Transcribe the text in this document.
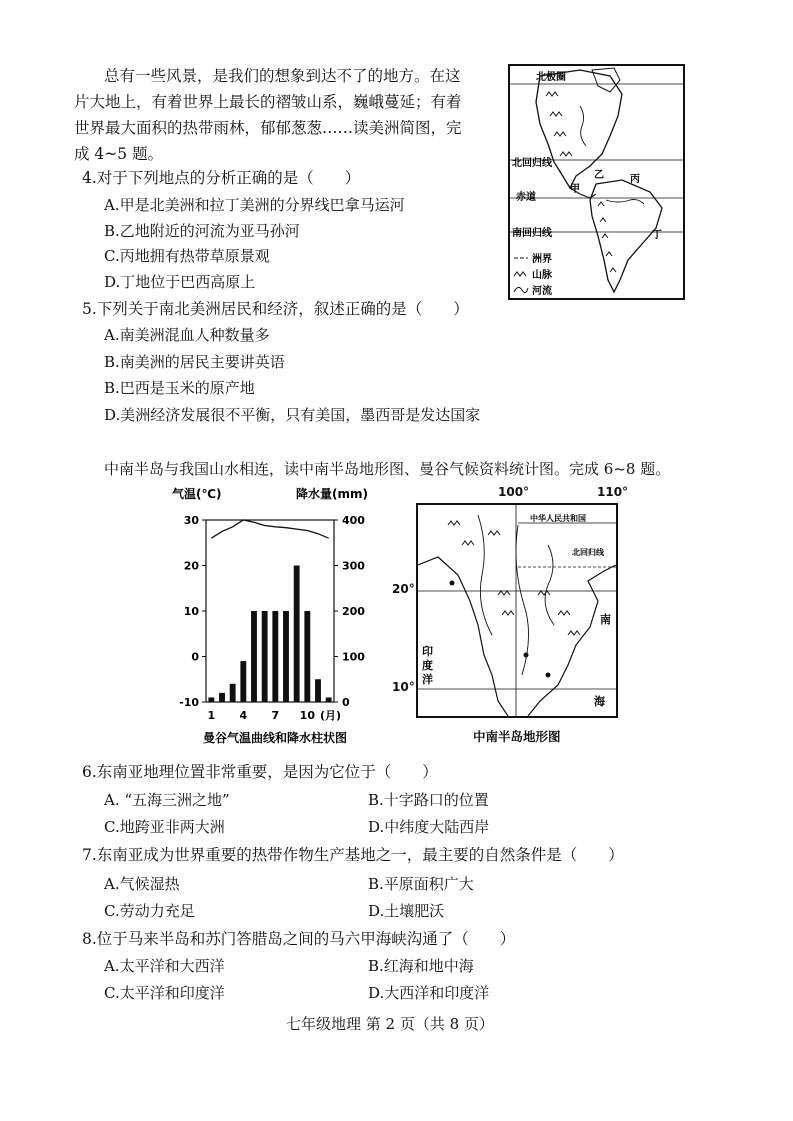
总有一些风景，是我们的想象到达不了的地方。在这
片大地上，有着世界上最长的褶皱山系，巍峨蔓延；有着
世界最大面积的热带雨林，郁郁葱葱……读美洲简图，完
成 4~5 题。
北极圈
北回归线
赤道
南回归线
甲
乙	丙
丁
洲界
山脉
河流
4.对于下列地点的分析正确的是（　　）
A.甲是北美洲和拉丁美洲的分界线巴拿马运河
B.乙地附近的河流为亚马孙河
C.丙地拥有热带草原景观
D.丁地位于巴西高原上
5.下列关于南北美洲居民和经济，叙述正确的是（　　）
A.南美洲混血人种数量多
B.南美洲的居民主要讲英语
B.巴西是玉米的原产地
D.美洲经济发展很不平衡，只有美国，墨西哥是发达国家
中南半岛与我国山水相连，读中南半岛地形图、曼谷气候资料统计图。完成 6~8 题。
气温(℃)	降水量(mm)
30
20
10
0
-10
400
300
200
100
0
1 4 7 10 (月)
曼谷气温曲线和降水柱状图
中华人民共和国
北回归线
印度洋
南
海
100°	110°
20°
10°
中南半岛地形图
6.东南亚地理位置非常重要，是因为它位于（　　）
A. “五海三洲之地”	B.十字路口的位置
C.地跨亚非两大洲	D.中纬度大陆西岸
7.东南亚成为世界重要的热带作物生产基地之一，最主要的自然条件是（　　）
A.气候湿热	B.平原面积广大
C.劳动力充足	D.土壤肥沃
8.位于马来半岛和苏门答腊岛之间的马六甲海峡沟通了（　　）
A.太平洋和大西洋	B.红海和地中海
C.太平洋和印度洋	D.大西洋和印度洋
七年级地理 第 2 页（共 8 页）
